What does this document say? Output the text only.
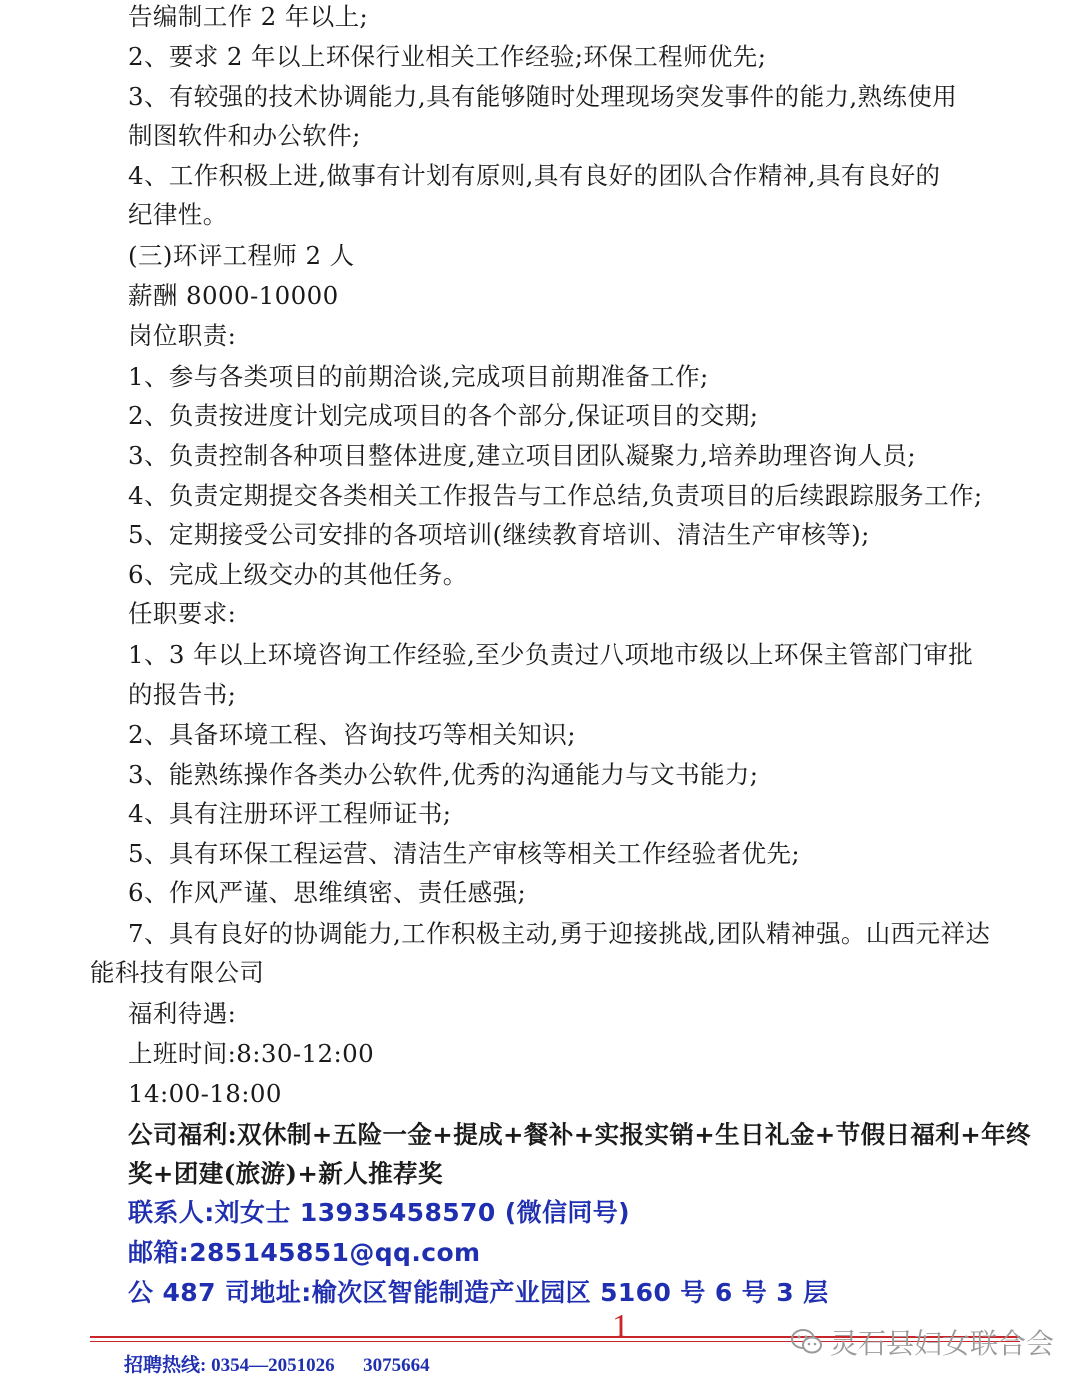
告编制工作 2 年以上;
2、要求 2 年以上环保行业相关工作经验;环保工程师优先;
3、有较强的技术协调能力,具有能够随时处理现场突发事件的能力,熟练使用
制图软件和办公软件;
4、工作积极上进,做事有计划有原则,具有良好的团队合作精神,具有良好的
纪律性。
(三)环评工程师 2 人
薪酬 8000-10000
岗位职责:
1、参与各类项目的前期洽谈,完成项目前期准备工作;
2、负责按进度计划完成项目的各个部分,保证项目的交期;
3、负责控制各种项目整体进度,建立项目团队凝聚力,培养助理咨询人员;
4、负责定期提交各类相关工作报告与工作总结,负责项目的后续跟踪服务工作;
5、定期接受公司安排的各项培训(继续教育培训、清洁生产审核等);
6、完成上级交办的其他任务。
任职要求:
1、3 年以上环境咨询工作经验,至少负责过八项地市级以上环保主管部门审批
的报告书;
2、具备环境工程、咨询技巧等相关知识;
3、能熟练操作各类办公软件,优秀的沟通能力与文书能力;
4、具有注册环评工程师证书;
5、具有环保工程运营、清洁生产审核等相关工作经验者优先;
6、作风严谨、思维缜密、责任感强;
7、具有良好的协调能力,工作积极主动,勇于迎接挑战,团队精神强。山西元祥达
能科技有限公司
福利待遇:
上班时间:8:30-12:00
14:00-18:00
公司福利:双休制+五险一金+提成+餐补+实报实销+生日礼金+节假日福利+年终
奖+团建(旅游)+新人推荐奖
联系人:刘女士 13935458570 (微信同号)
邮箱:285145851@qq.com
公 487 司地址:榆次区智能制造产业园区 5160 号 6 号 3 层
1
招聘热线: 0354—2051026      3075664
灵石县妇女联合会
